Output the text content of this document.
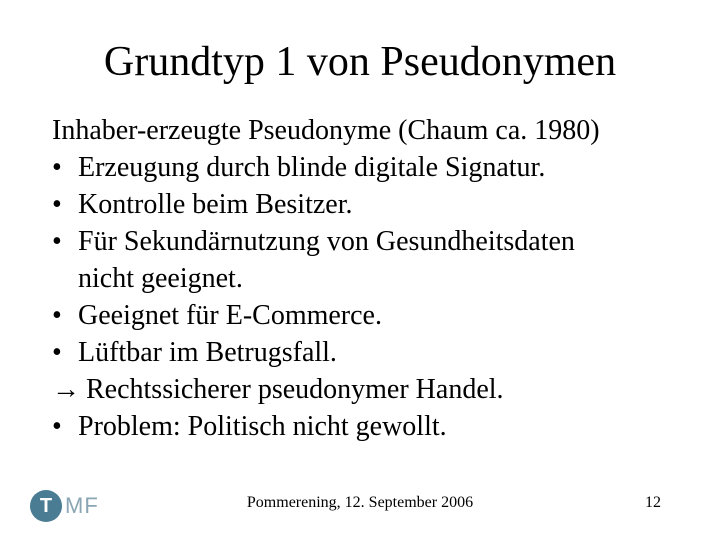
Grundtyp 1 von Pseudonymen
Inhaber-erzeugte Pseudonyme (Chaum ca. 1980)
• Erzeugung durch blinde digitale Signatur.
• Kontrolle beim Besitzer.
• Für Sekundärnutzung von Gesundheitsdaten
nicht geeignet.
• Geeignet für E-Commerce.
• Lüftbar im Betrugsfall.
→ Rechtssicherer pseudonymer Handel.
• Problem: Politisch nicht gewollt.
T MF	Pommerening, 12. September 2006	12
